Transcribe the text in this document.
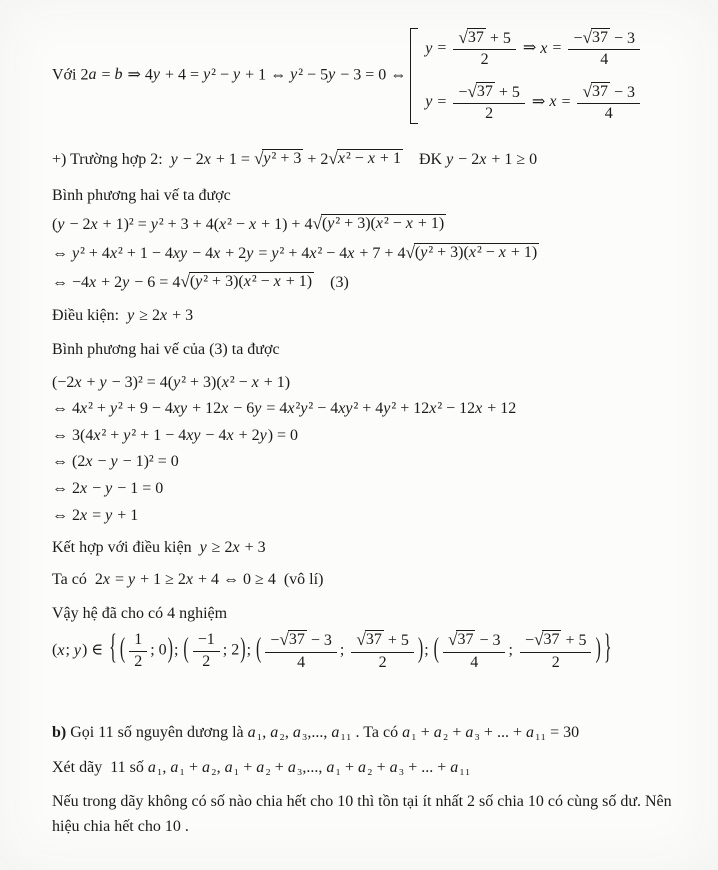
Với 2a = b ⇒ 4y + 4 = y² − y + 1 ⇔ y² − 5y − 3 = 0 ⇔
$y = \frac{√ 37 + 5}{2}$ ⇒ $x = \frac{- √ 37 - 3}{4}$
$y = \frac{- √ 37 + 5}{2}$ ⇒ $x = \frac{√ 37 - 3}{4}$
+) Trường hợp 2:  y − 2x + 1 = √ y² + 3 + 2 √ x² − x + 1 ĐK y − 2x + 1 ≥ 0
Bình phương hai vế ta được
(y − 2x + 1)² = y² + 3 + 4(x² − x + 1) + 4 √ (y² + 3)(x² − x + 1)
⇔ y² + 4x² + 1 − 4xy − 4x + 2y = y² + 4x² − 4x + 7 + 4 √ (y² + 3)(x² − x + 1)
⇔ −4x + 2y − 6 = 4 √ (y² + 3)(x² − x + 1) (3)
Điều kiện:  y ≥ 2x + 3
Bình phương hai vế của (3) ta được
(−2x + y − 3)² = 4(y² + 3)(x² − x + 1)
⇔ 4x² + y² + 9 − 4xy + 12x − 6y = 4x²y² − 4xy² + 4y² + 12x² − 12x + 12
⇔ 3(4x² + y² + 1 − 4xy − 4x + 2y) = 0
⇔ (2x − y − 1)² = 0
⇔ 2x − y − 1 = 0
⇔ 2x = y + 1
Kết hợp với điều kiện  y ≥ 2x + 3
Ta có  2x = y + 1 ≥ 2x + 4 ⇔ 0 ≥ 4  (vô lí)
Vậy hệ đã cho có 4 nghiệm
(x; y) ∈ { ( $\frac{1}{2}$ ; 0); ( $\frac{-1}{2}$ ; 2); ( $\frac{- √ 37 - 3}{4}$ ; $\frac{√ 37 + 5}{2}$ ); ( $\frac{√ 37 - 3}{4}$ ; $\frac{- √ 37 + 5}{2}$ ) }
b) Gọi 11 số nguyên dương là a₁, a₂, a₃,..., a₁₁ . Ta có a₁ + a₂ + a₃ + ... + a₁₁ = 30
Xét dãy  11 số a₁, a₁ + a₂, a₁ + a₂ + a₃,..., a₁ + a₂ + a₃ + ... + a₁₁
Nếu trong dãy không có số nào chia hết cho 10 thì tồn tại ít nhất 2 số chia 10 có cùng số dư. Nên hiệu chia hết cho 10 .
